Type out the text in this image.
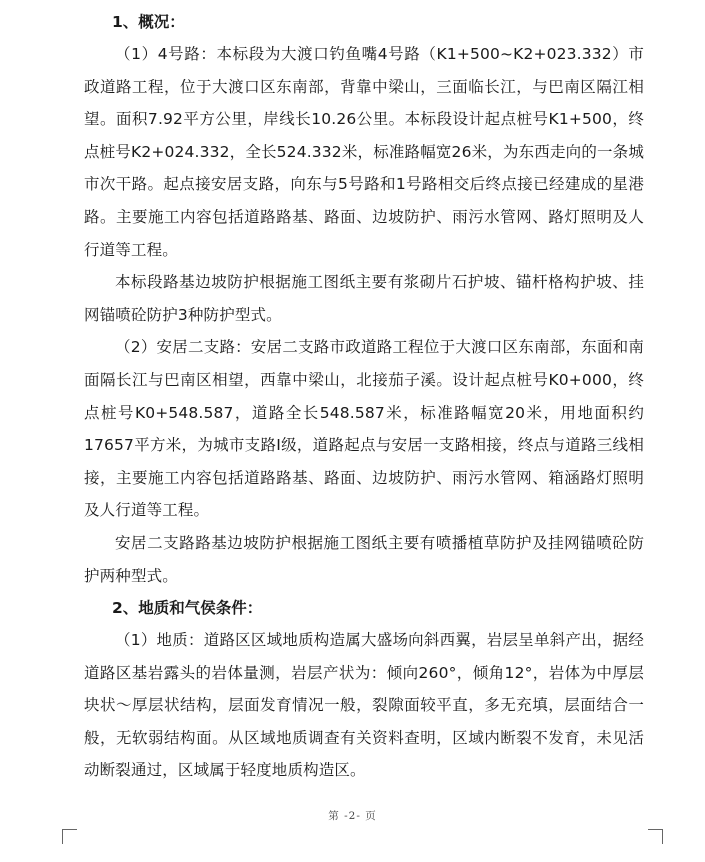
1、概况：

（1）4号路：本标段为大渡口钓鱼嘴4号路（K1+500~K2+023.332）市政道路工程，位于大渡口区东南部，背靠中梁山，三面临长江，与巴南区隔江相望。面积7.92平方公里，岸线长10.26公里。本标段设计起点桩号K1+500，终点桩号K2+024.332，全长524.332米，标准路幅宽26米，为东西走向的一条城市次干路。起点接安居支路，向东与5号路和1号路相交后终点接已经建成的星港路。主要施工内容包括道路路基、路面、边坡防护、雨污水管网、路灯照明及人行道等工程。

本标段路基边坡防护根据施工图纸主要有浆砌片石护坡、锚杆格构护坡、挂网锚喷砼防护3种防护型式。

（2）安居二支路：安居二支路市政道路工程位于大渡口区东南部，东面和南面隔长江与巴南区相望，西靠中梁山，北接茄子溪。设计起点桩号K0+000，终点桩号K0+548.587，道路全长548.587米，标准路幅宽20米，用地面积约17657平方米，为城市支路Ⅰ级，道路起点与安居一支路相接，终点与道路三线相接，主要施工内容包括道路路基、路面、边坡防护、雨污水管网、箱涵路灯照明及人行道等工程。

安居二支路路基边坡防护根据施工图纸主要有喷播植草防护及挂网锚喷砼防护两种型式。

2、地质和气侯条件：

（1）地质：道路区区域地质构造属大盛场向斜西翼，岩层呈单斜产出，据经道路区基岩露头的岩体量测，岩层产状为：倾向260°，倾角12°，岩体为中厚层块状～厚层状结构，层面发育情况一般，裂隙面较平直，多无充填，层面结合一般，无软弱结构面。从区域地质调查有关资料查明，区域内断裂不发育，未见活动断裂通过，区域属于轻度地质构造区。

第 -2- 页
